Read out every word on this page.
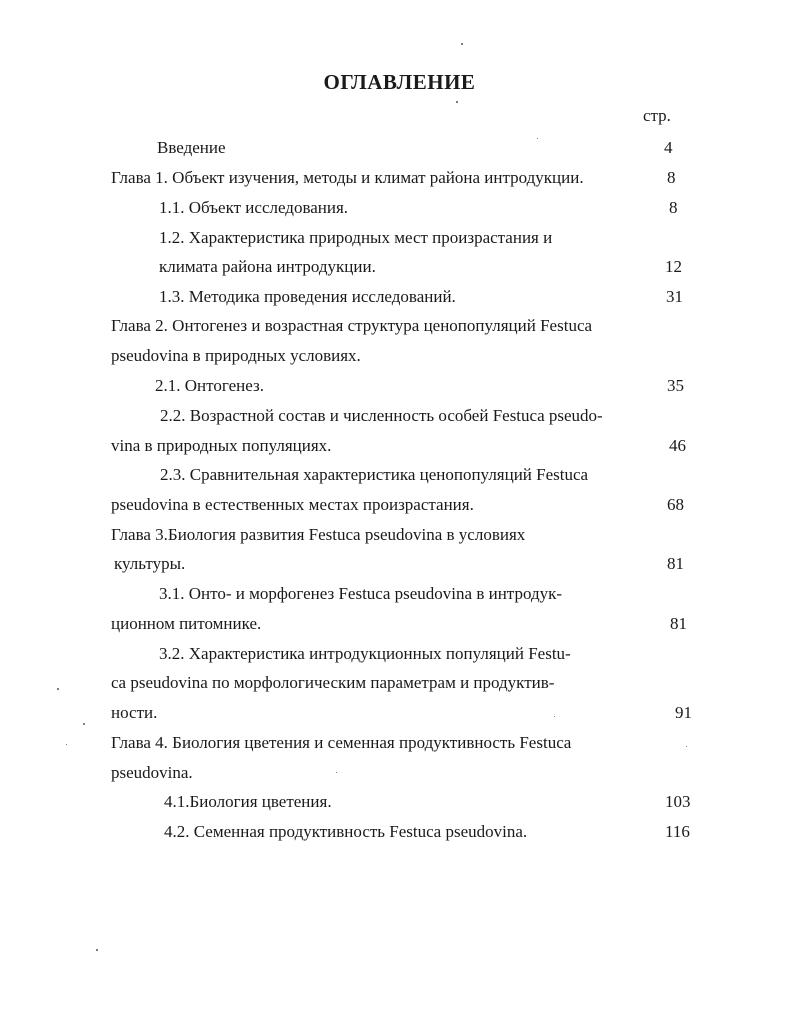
ОГЛАВЛЕНИЕ
стр.
Введение	4
Глава 1. Объект изучения, методы и климат района интродукции.	8
1.1. Объект исследования.	8
1.2. Характеристика природных мест произрастания и
климата района интродукции.	12
1.3. Методика проведения исследований.	31
Глава 2. Онтогенез и возрастная структура ценопопуляций Festuca
pseudovina в природных условиях.
2.1. Онтогенез.	35
2.2. Возрастной состав и численность особей Festuca pseudo-
vina в природных популяциях.	46
2.3. Сравнительная характеристика ценопопуляций Festuca
pseudovina в естественных местах произрастания.	68
Глава 3.Биология развития Festuca pseudovina в условиях
культуры.	81
3.1. Онто- и морфогенез Festuca pseudovina в интродук-
ционном питомнике.	81
3.2. Характеристика интродукционных популяций Festu-
ca pseudovina по морфологическим параметрам и продуктив-
ности.	91
Глава 4. Биология цветения и семенная продуктивность Festuca
pseudovina.
4.1.Биология цветения.	103
4.2. Семенная продуктивность Festuca pseudovina.	116
